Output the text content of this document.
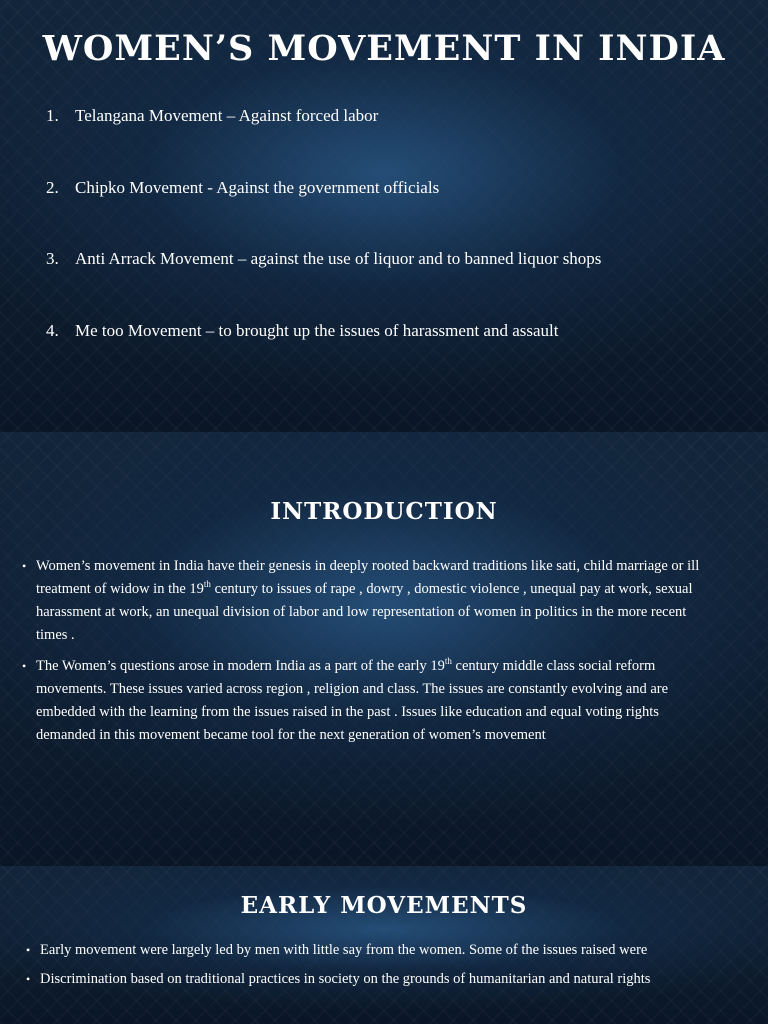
WOMEN’S MOVEMENT IN INDIA
1. Telangana Movement – Against forced labor
2. Chipko Movement - Against the government officials
3. Anti Arrack Movement – against the use of liquor and to banned liquor shops
4. Me too Movement – to brought up the issues of harassment and assault
INTRODUCTION
• Women’s movement in India have their genesis in deeply rooted backward traditions like sati, child marriage or ill treatment of widow in the 19th century to issues of rape , dowry , domestic violence , unequal pay at work, sexual harassment at work, an unequal division of labor and low representation of women in politics in the more recent times .
• The Women’s questions arose in modern India as a part of the early 19th century middle class social reform movements. These issues varied across region , religion and class. The issues are constantly evolving and are embedded with the learning from the issues raised in the past . Issues like education and equal voting rights demanded in this movement became tool for the next generation of women’s movement
EARLY MOVEMENTS
• Early movement were largely led by men with little say from the women. Some of the issues raised were
• Discrimination based on traditional practices in society on the grounds of humanitarian and natural rights
